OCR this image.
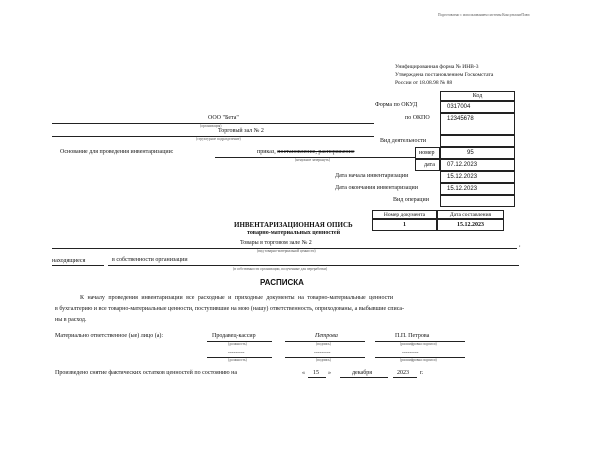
Подготовлено с использованием системы КонсультантПлюс
Унифицированная форма № ИНВ-3
Утверждена постановлением Госкомстата
России от 18.08.98 № 88
Код
Форма по ОКУД	0317004
по ОКПО	12345678
Вид деятельности
номер	95
дата 07.12.2023
Дата начала инвентаризации	15.12.2023
Дата окончания инвентаризации	15.12.2023
Вид операции
ООО "Бета"
(организация)
Торговый зал № 2
(структурное подразделение)
Основание для проведения инвентаризации:	приказ, постановление, распоряжение
(ненужное зачеркнуть)
Номер документа	Дата составления
1	15.12.2023
ИНВЕНТАРИЗАЦИОННАЯ ОПИСЬ
товарно-материальных ценностей
Товары в торговом зале № 2	,
(вид товарно-материальной ценности)
находящиеся	в собственности организации
(в собственности организации, полученные для переработки)
РАСПИСКА
К началу проведения инвентаризации все расходные и приходные документы на товарно-материальные ценности
в бухгалтерию и все товарно-материальные ценности, поступившие на мою (нашу) ответственность, оприходованы, а выбывшие списа-
ны в расход.
Материально ответственное (ые) лицо (а):	Продавец-кассир	Петрова	П.П. Петрова
(должность)	(подпись)	(расшифровка подписи)
---------	---------	---------
(должность)	(подпись)	(расшифровка подписи)
Произведено снятие фактических остатков ценностей по состоянию на	« 15 »	декабря	2023 г.
